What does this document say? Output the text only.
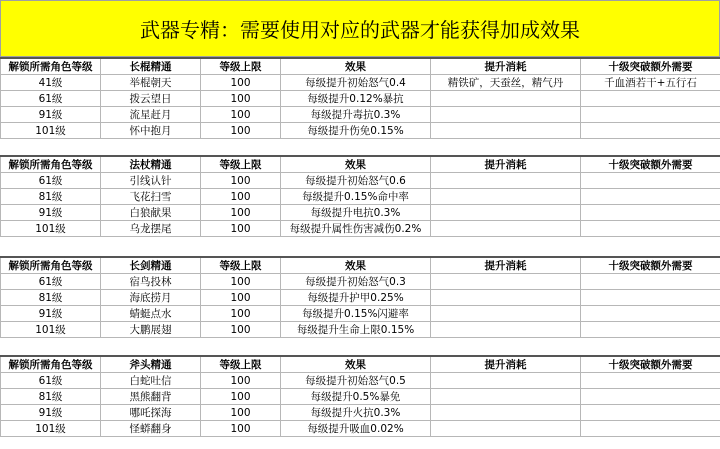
武器专精：需要使用对应的武器才能获得加成效果
解锁所需角色等级	长棍精通	等级上限	效果	提升消耗	十级突破额外需要
41级	举棍朝天	100	每级提升初始怒气0.4	精铁矿，天蚕丝，精气丹	千血酒若干+五行石
61级	拨云望日	100	每级提升0.12%暴抗		
91级	流星赶月	100	每级提升毒抗0.3%		
101级	怀中抱月	100	每级提升伤免0.15%		
解锁所需角色等级	法杖精通	等级上限	效果	提升消耗	十级突破额外需要
61级	引线认针	100	每级提升初始怒气0.6		
81级	飞花扫雪	100	每级提升0.15%命中率		
91级	白狼献果	100	每级提升电抗0.3%		
101级	乌龙摆尾	100	每级提升属性伤害减伤0.2%		
解锁所需角色等级	长剑精通	等级上限	效果	提升消耗	十级突破额外需要
61级	宿鸟投林	100	每级提升初始怒气0.3		
81级	海底捞月	100	每级提升护甲0.25%		
91级	蜻蜓点水	100	每级提升0.15%闪避率		
101级	大鹏展翅	100	每级提升生命上限0.15%		
解锁所需角色等级	斧头精通	等级上限	效果	提升消耗	十级突破额外需要
61级	白蛇吐信	100	每级提升初始怒气0.5		
81级	黑熊翻背	100	每级提升0.5%暴免		
91级	哪吒探海	100	每级提升火抗0.3%		
101级	怪蟒翻身	100	每级提升吸血0.02%		
